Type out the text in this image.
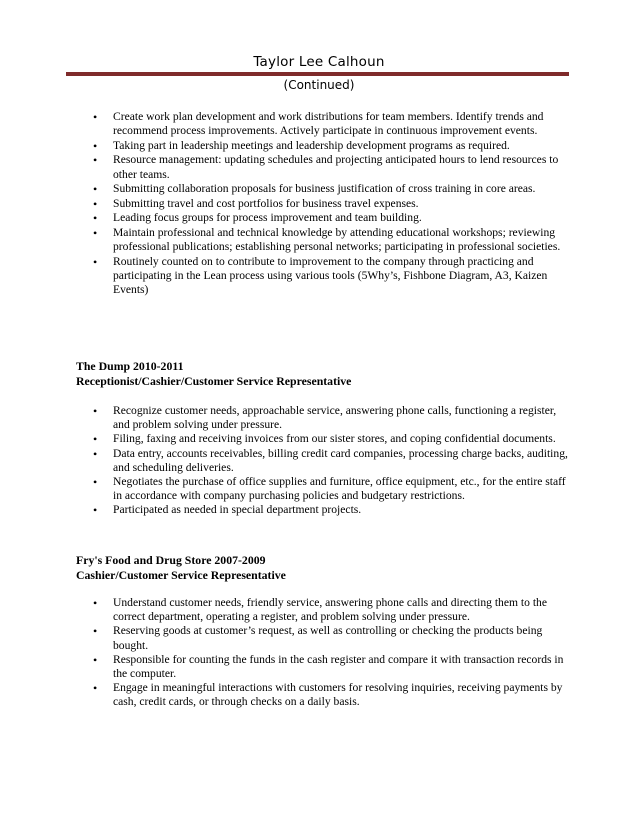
Taylor Lee Calhoun
(Continued)
• Create work plan development and work distributions for team members. Identify trends and recommend process improvements. Actively participate in continuous improvement events.
• Taking part in leadership meetings and leadership development programs as required.
• Resource management: updating schedules and projecting anticipated hours to lend resources to other teams.
• Submitting collaboration proposals for business justification of cross training in core areas.
• Submitting travel and cost portfolios for business travel expenses.
• Leading focus groups for process improvement and team building.
• Maintain professional and technical knowledge by attending educational workshops; reviewing professional publications; establishing personal networks; participating in professional societies.
• Routinely counted on to contribute to improvement to the company through practicing and participating in the Lean process using various tools (5Why’s, Fishbone Diagram, A3, Kaizen Events)
The Dump 2010-2011
Receptionist/Cashier/Customer Service Representative
• Recognize customer needs, approachable service, answering phone calls, functioning a register, and problem solving under pressure.
• Filing, faxing and receiving invoices from our sister stores, and coping confidential documents.
• Data entry, accounts receivables, billing credit card companies, processing charge backs, auditing, and scheduling deliveries.
• Negotiates the purchase of office supplies and furniture, office equipment, etc., for the entire staff in accordance with company purchasing policies and budgetary restrictions.
• Participated as needed in special department projects.
Fry's Food and Drug Store 2007-2009
Cashier/Customer Service Representative
• Understand customer needs, friendly service, answering phone calls and directing them to the correct department, operating a register, and problem solving under pressure.
• Reserving goods at customer’s request, as well as controlling or checking the products being bought.
• Responsible for counting the funds in the cash register and compare it with transaction records in the computer.
• Engage in meaningful interactions with customers for resolving inquiries, receiving payments by cash, credit cards, or through checks on a daily basis.
